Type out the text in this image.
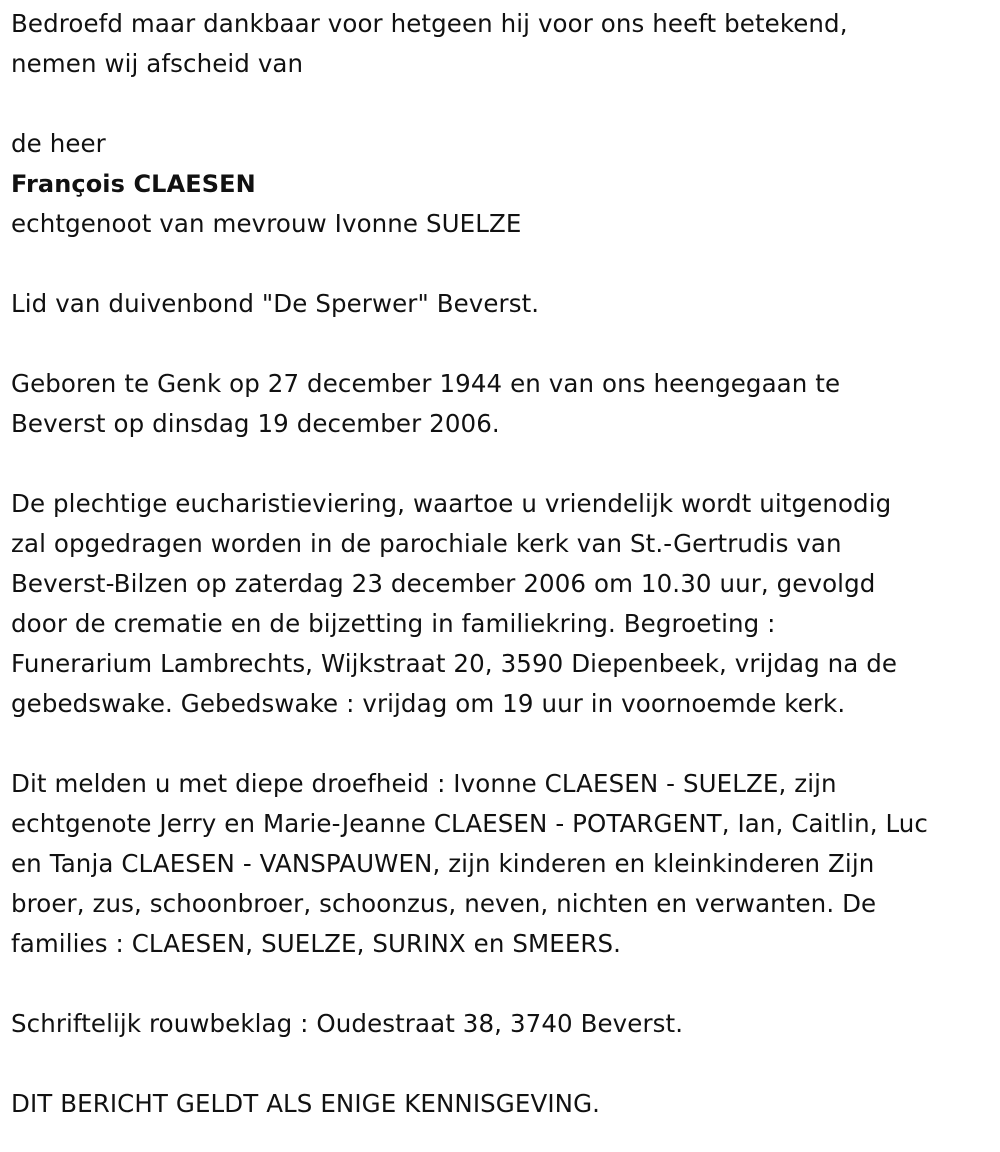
Bedroefd maar dankbaar voor hetgeen hij voor ons heeft betekend,

nemen wij afscheid van

de heer

François CLAESEN

echtgenoot van mevrouw Ivonne SUELZE

Lid van duivenbond "De Sperwer" Beverst.

Geboren te Genk op 27 december 1944 en van ons heengegaan te

Beverst op dinsdag 19 december 2006.

De plechtige eucharistieviering, waartoe u vriendelijk wordt uitgenodig

zal opgedragen worden in de parochiale kerk van St.-Gertrudis van

Beverst-Bilzen op zaterdag 23 december 2006 om 10.30 uur, gevolgd

door de crematie en de bijzetting in familiekring. Begroeting :

Funerarium Lambrechts, Wijkstraat 20, 3590 Diepenbeek, vrijdag na de

gebedswake. Gebedswake : vrijdag om 19 uur in voornoemde kerk.

Dit melden u met diepe droefheid : Ivonne CLAESEN - SUELZE, zijn

echtgenote Jerry en Marie-Jeanne CLAESEN - POTARGENT, Ian, Caitlin, Luc

en Tanja CLAESEN - VANSPAUWEN, zijn kinderen en kleinkinderen Zijn

broer, zus, schoonbroer, schoonzus, neven, nichten en verwanten. De

families : CLAESEN, SUELZE, SURINX en SMEERS.

Schriftelijk rouwbeklag : Oudestraat 38, 3740 Beverst.

DIT BERICHT GELDT ALS ENIGE KENNISGEVING.
